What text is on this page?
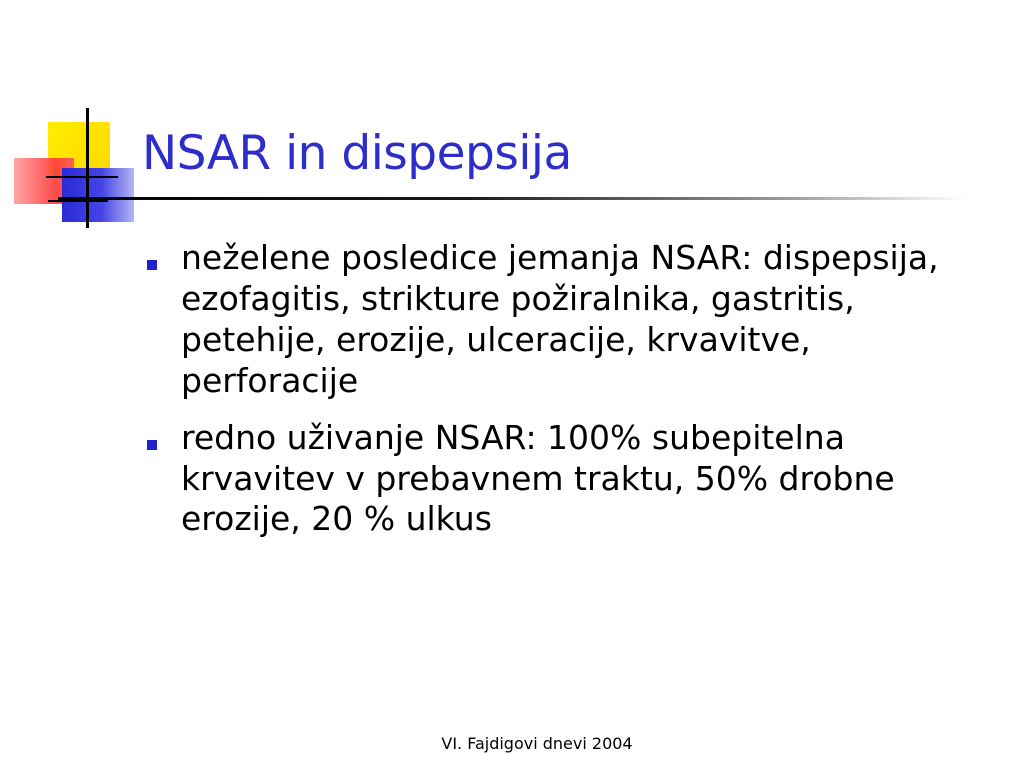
NSAR in dispepsija
neželene posledice jemanja NSAR: dispepsija, ezofagitis, strikture požiralnika, gastritis, petehije, erozije, ulceracije, krvavitve, perforacije
redno uživanje NSAR: 100% subepitelna krvavitev v prebavnem traktu, 50% drobne erozije, 20 % ulkus
VI. Fajdigovi dnevi 2004
